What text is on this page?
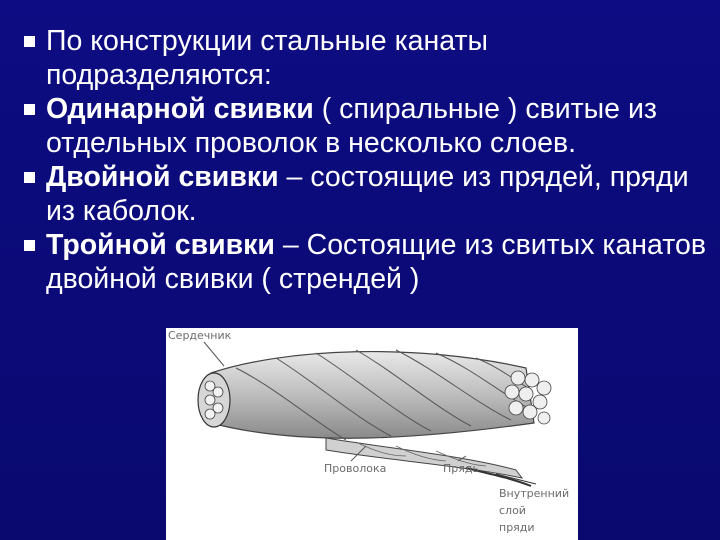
По конструкции стальные канаты подразделяются:
Одинарной свивки ( спиральные ) свитые из отдельных проволок в несколько слоев.
Двойной свивки – состоящие из прядей, пряди из каболок.
Тройной свивки – Состоящие из свитых канатов двойной свивки ( стрендей )
Сердечник
Проволока	Прядь
Внутренний
слой
пряди
